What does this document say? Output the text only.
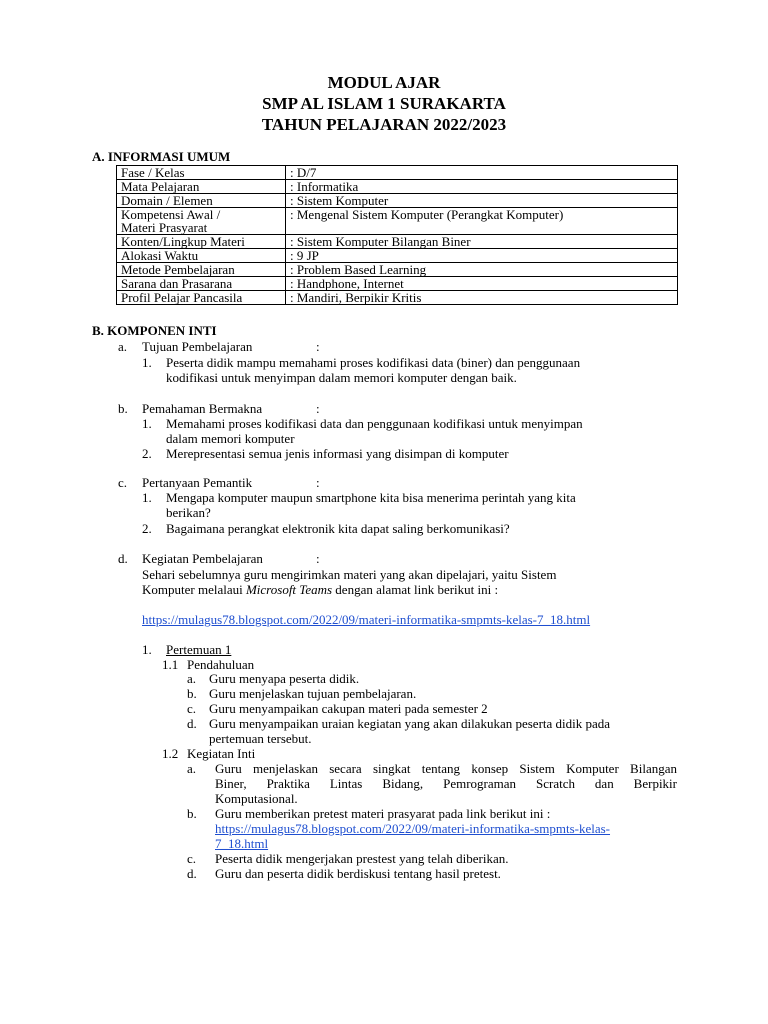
MODUL AJAR
SMP AL ISLAM 1 SURAKARTA
TAHUN PELAJARAN 2022/2023
A. INFORMASI UMUM
Fase / Kelas	: D/7
Mata Pelajaran	: Informatika
Domain / Elemen	: Sistem Komputer
Kompetensi Awal /
Materi Prasyarat	: Mengenal Sistem Komputer (Perangkat Komputer)
Konten/Lingkup Materi	: Sistem Komputer Bilangan Biner
Alokasi Waktu	: 9 JP
Metode Pembelajaran	: Problem Based Learning
Sarana dan Prasarana	: Handphone, Internet
Profil Pelajar Pancasila	: Mandiri, Berpikir Kritis
B. KOMPONEN INTI
a. Tujuan Pembelajaran	:
1. Peserta didik mampu memahami proses kodifikasi data (biner) dan penggunaan
kodifikasi untuk menyimpan dalam memori komputer dengan baik.
b. Pemahaman Bermakna	:
1. Memahami proses kodifikasi data dan penggunaan kodifikasi untuk menyimpan
dalam memori komputer
2. Merepresentasi semua jenis informasi yang disimpan di komputer
c. Pertanyaan Pemantik	:
1. Mengapa komputer maupun smartphone kita bisa menerima perintah yang kita
berikan?
2. Bagaimana perangkat elektronik kita dapat saling berkomunikasi?
d. Kegiatan Pembelajaran	:
Sehari sebelumnya guru mengirimkan materi yang akan dipelajari, yaitu Sistem
Komputer melalaui Microsoft Teams dengan alamat link berikut ini :
https://mulagus78.blogspot.com/2022/09/materi-informatika-smpmts-kelas-7_18.html
1. Pertemuan 1
1.1 Pendahuluan
a. Guru menyapa peserta didik.
b. Guru menjelaskan tujuan pembelajaran.
c. Guru menyampaikan cakupan materi pada semester 2
d. Guru menyampaikan uraian kegiatan yang akan dilakukan peserta didik pada
pertemuan tersebut.
1.2 Kegiatan Inti
a. Guru menjelaskan secara singkat tentang konsep Sistem Komputer Bilangan
Biner, Praktika Lintas Bidang, Pemrograman Scratch dan Berpikir
Komputasional.
b. Guru memberikan pretest materi prasyarat pada link berikut ini :
https://mulagus78.blogspot.com/2022/09/materi-informatika-smpmts-kelas-
7_18.html
c. Peserta didik mengerjakan prestest yang telah diberikan.
d. Guru dan peserta didik berdiskusi tentang hasil pretest.
